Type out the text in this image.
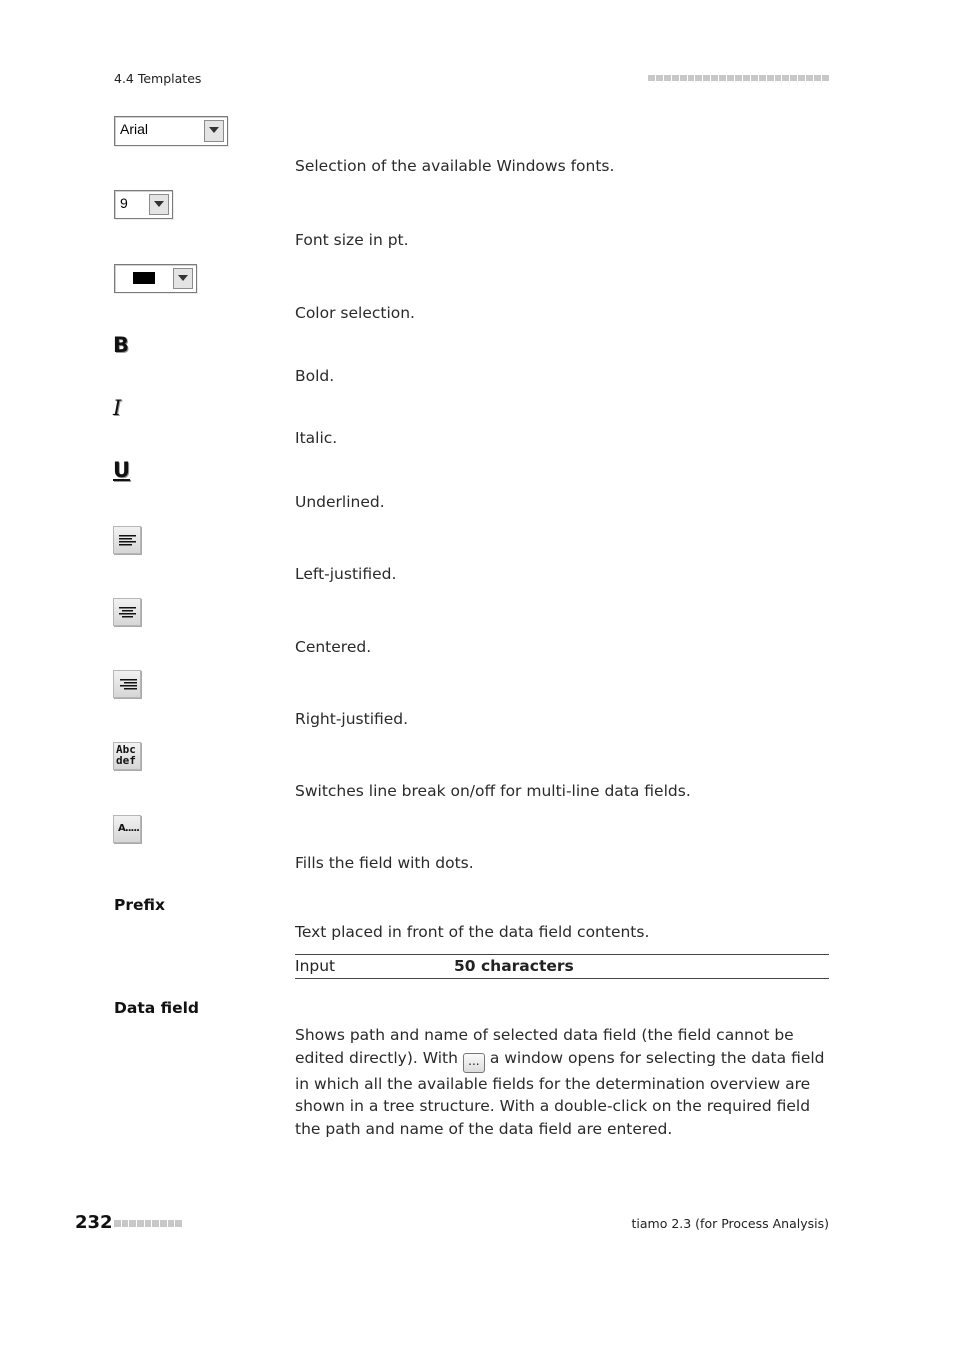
4.4 Templates
Arial
Selection of the available Windows fonts.
9
Font size in pt.
Color selection.
B
Bold.
I
Italic.
U
Underlined.
Left-justified.
Centered.
Right-justified.
Abc def
Switches line break on/off for multi-line data fields.
A.....
Fills the field with dots.
Prefix
Text placed in front of the data field contents.
Input	50 characters
Data field
Shows path and name of selected data field (the field cannot be edited directly). With ... a window opens for selecting the data field in which all the available fields for the determination overview are shown in a tree structure. With a double-click on the required field the path and name of the data field are entered.
232	tiamo 2.3 (for Process Analysis)
